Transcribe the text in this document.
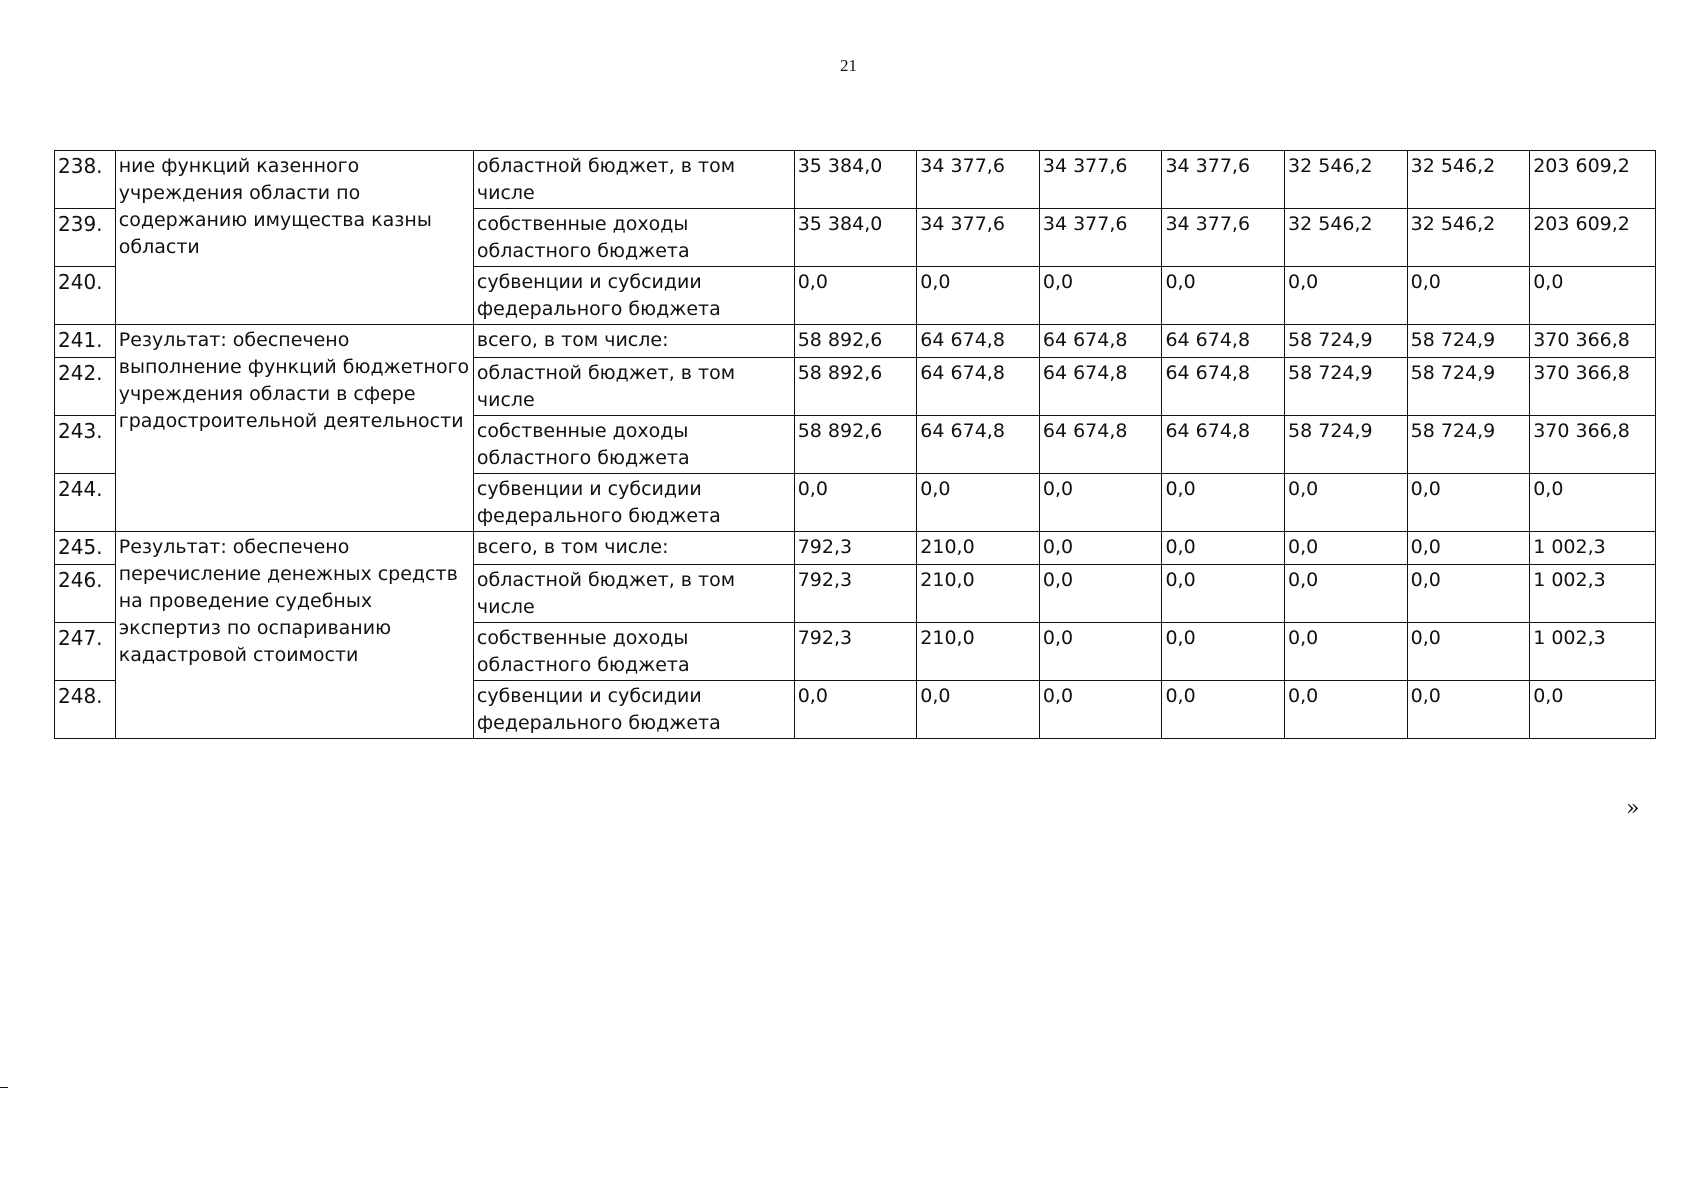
21
238.	ние функций казенного учреждения области по содержанию имущества казны области	областной бюджет, в том числе	35 384,0	34 377,6	34 377,6	34 377,6	32 546,2	32 546,2	203 609,2
239.		собственные доходы областного бюджета	35 384,0	34 377,6	34 377,6	34 377,6	32 546,2	32 546,2	203 609,2
240.		субвенции и субсидии федерального бюджета	0,0	0,0	0,0	0,0	0,0	0,0	0,0
241.	Результат: обеспечено выполнение функций бюджетного учреждения области в сфере градостроительной деятельности	всего, в том числе:	58 892,6	64 674,8	64 674,8	64 674,8	58 724,9	58 724,9	370 366,8
242.		областной бюджет, в том числе	58 892,6	64 674,8	64 674,8	64 674,8	58 724,9	58 724,9	370 366,8
243.		собственные доходы областного бюджета	58 892,6	64 674,8	64 674,8	64 674,8	58 724,9	58 724,9	370 366,8
244.		субвенции и субсидии федерального бюджета	0,0	0,0	0,0	0,0	0,0	0,0	0,0
245.	Результат: обеспечено перечисление денежных средств на проведение судебных экспертиз по оспариванию кадастровой стоимости	всего, в том числе:	792,3	210,0	0,0	0,0	0,0	0,0	1 002,3
246.		областной бюджет, в том числе	792,3	210,0	0,0	0,0	0,0	0,0	1 002,3
247.		собственные доходы областного бюджета	792,3	210,0	0,0	0,0	0,0	0,0	1 002,3
248.		субвенции и субсидии федерального бюджета	0,0	0,0	0,0	0,0	0,0	0,0	0,0
»
